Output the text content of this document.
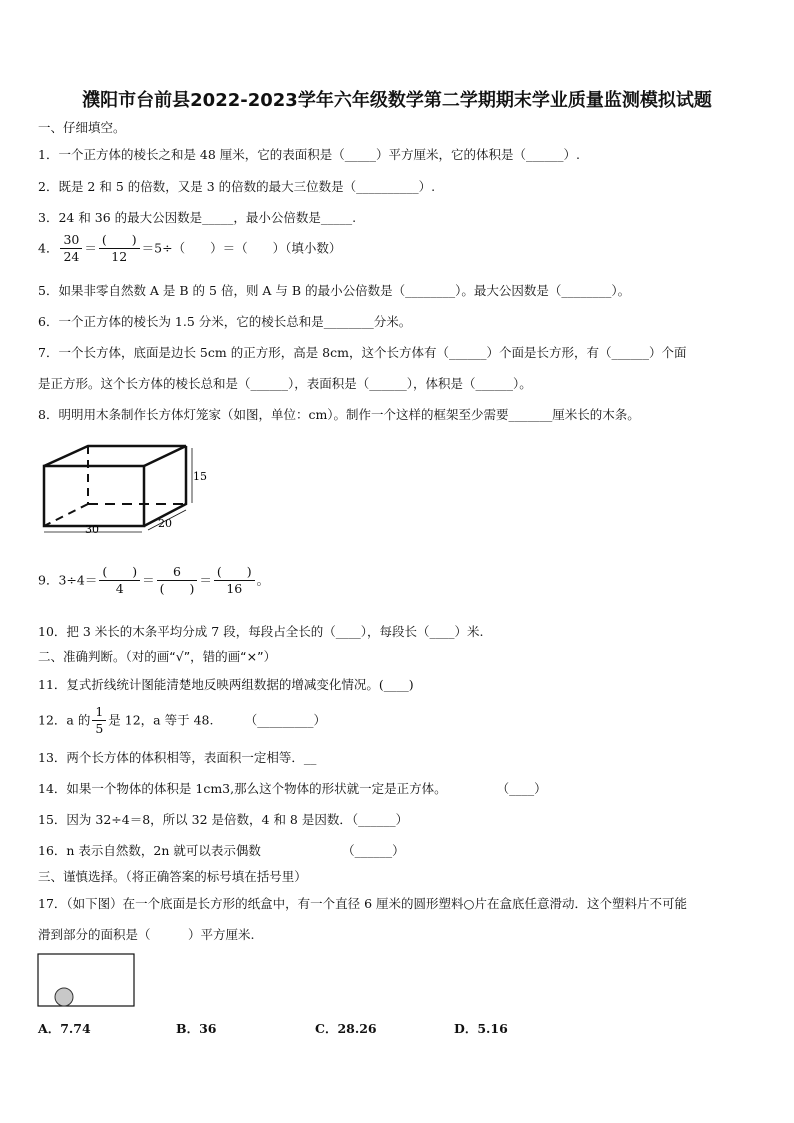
濮阳市台前县2022-2023学年六年级数学第二学期期末学业质量监测模拟试题
一、仔细填空。
1．一个正方体的棱长之和是 48 厘米，它的表面积是（_____）平方厘米，它的体积是（______）.
2．既是 2 和 5 的倍数，又是 3 的倍数的最大三位数是（__________）.
3．24 和 36 的最大公因数是_____，最小公倍数是_____.
4． $\frac{30}{24} = \frac{( )}{12} =5\div$（　　）＝（　　）（填小数）
5．如果非零自然数 A 是 B 的 5 倍，则 A 与 B 的最小公倍数是（________）。最大公因数是（________）。
6．一个正方体的棱长为 1.5 分米，它的棱长总和是________分米。
7．一个长方体，底面是边长 5cm 的正方形，高是 8cm，这个长方体有（______）个面是长方形，有（______）个面
是正方形。这个长方体的棱长总和是（______），表面积是（______），体积是（______）。
8．明明用木条制作长方体灯笼家（如图，单位：cm）。制作一个这样的框架至少需要_______厘米长的木条。
15
30	20
9．$3\div 4= \frac{( )}{4} = \frac{6}{( )} = \frac{( )}{16}$ 。
10．把 3 米长的木条平均分成 7 段，每段占全长的（____），每段长（____）米.
二、准确判断。（对的画“√”，错的画“×”）
11．复式折线统计图能清楚地反映两组数据的增减变化情况。(____)
12．a 的 $\frac{1}{5}$ 是 12，a 等于 48.　　　（_________）
13．两个长方体的体积相等，表面积一定相等．__
14．如果一个物体的体积是 1cm3,那么这个物体的形状就一定是正方体。　　　　　（____）
15．因为 32÷4＝8，所以 32 是倍数，4 和 8 是因数．（______）
16．n 表示自然数，2n 就可以表示偶数　　　　　　　（______）
三、谨慎选择。（将正确答案的标号填在括号里）
17．（如下图）在一个底面是长方形的纸盒中，有一个直径 6 厘米的圆形塑料○片在盒底任意滑动．这个塑料片不可能
滑到部分的面积是（　　　）平方厘米.
A．7.74	B．36	C．28.26	D．5.16
